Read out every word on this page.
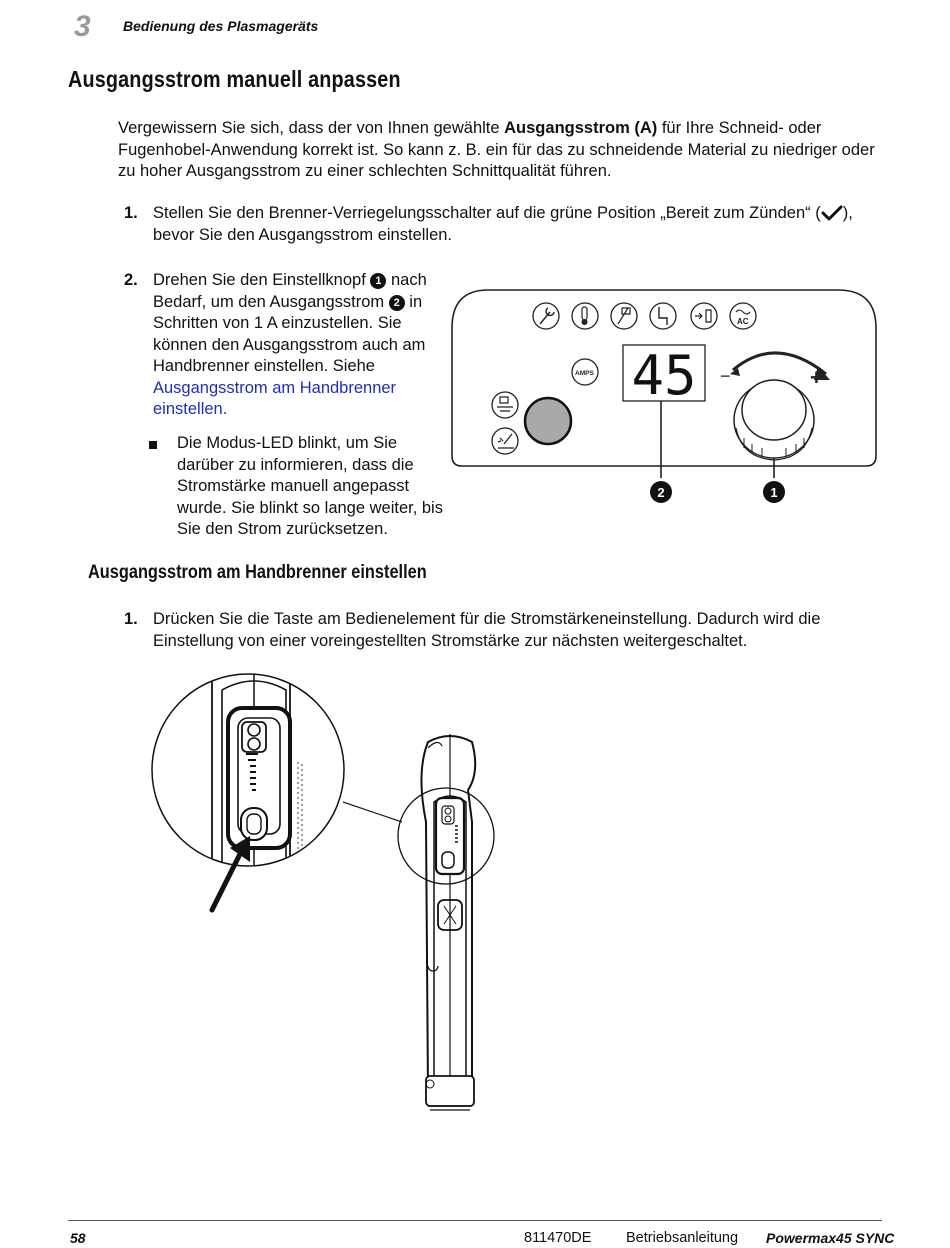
3 Bedienung des Plasmageräts
Ausgangsstrom manuell anpassen
Vergewissern Sie sich, dass der von Ihnen gewählte Ausgangsstrom (A) für Ihre Schneid- oder Fugenhobel-Anwendung korrekt ist. So kann z. B. ein für das zu schneidende Material zu niedriger oder zu hoher Ausgangsstrom zu einer schlechten Schnittqualität führen.
1. Stellen Sie den Brenner-Verriegelungsschalter auf die grüne Position „Bereit zum Zünden“ ( ), bevor Sie den Ausgangsstrom einstellen.
2. Drehen Sie den Einstellknopf 1 nach Bedarf, um den Ausgangsstrom 2 in Schritten von 1 A einzustellen. Sie können den Ausgangsstrom auch am Handbrenner einstellen. Siehe Ausgangsstrom am Handbrenner einstellen.
Die Modus-LED blinkt, um Sie darüber zu informieren, dass die Stromstärke manuell angepasst wurde. Sie blinkt so lange weiter, bis Sie den Strom zurücksetzen.
AC
AMPS 45 −	+
2	1
Ausgangsstrom am Handbrenner einstellen
1. Drücken Sie die Taste am Bedienelement für die Stromstärkeneinstellung. Dadurch wird die Einstellung von einer voreingestellten Stromstärke zur nächsten weitergeschaltet.
58	811470DE Betriebsanleitung Powermax45 SYNC
